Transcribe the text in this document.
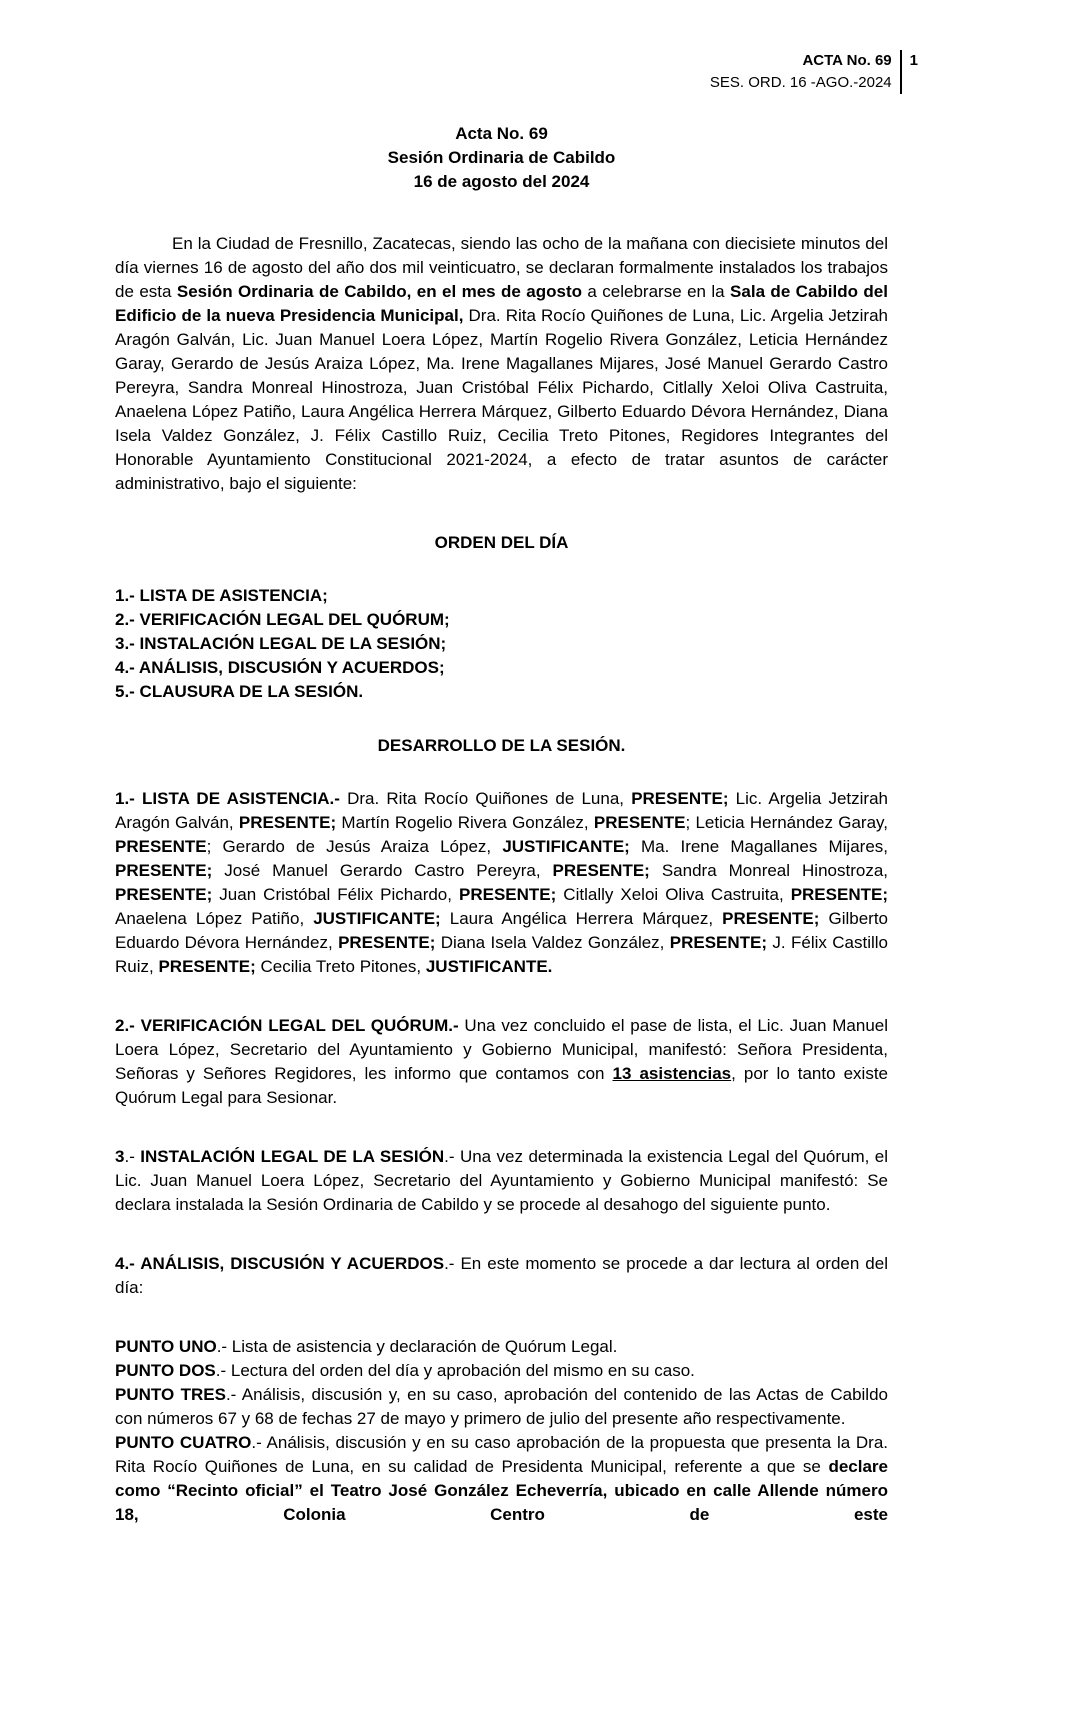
ACTA No. 69
SES. ORD. 16 -AGO.-2024
1
Acta No. 69
Sesión Ordinaria de Cabildo
16 de agosto del 2024

En la Ciudad de Fresnillo, Zacatecas, siendo las ocho de la mañana con diecisiete minutos del día viernes 16 de agosto del año dos mil veinticuatro, se declaran formalmente instalados los trabajos de esta Sesión Ordinaria de Cabildo, en el mes de agosto a celebrarse en la Sala de Cabildo del Edificio de la nueva Presidencia Municipal, Dra. Rita Rocío Quiñones de Luna, Lic. Argelia Jetzirah Aragón Galván, Lic. Juan Manuel Loera López, Martín Rogelio Rivera González, Leticia Hernández Garay, Gerardo de Jesús Araiza López, Ma. Irene Magallanes Mijares, José Manuel Gerardo Castro Pereyra, Sandra Monreal Hinostroza, Juan Cristóbal Félix Pichardo, Citlally Xeloi Oliva Castruita, Anaelena López Patiño, Laura Angélica Herrera Márquez, Gilberto Eduardo Dévora Hernández, Diana Isela Valdez González, J. Félix Castillo Ruiz, Cecilia Treto Pitones, Regidores Integrantes del Honorable Ayuntamiento Constitucional 2021-2024, a efecto de tratar asuntos de carácter administrativo, bajo el siguiente:

ORDEN DEL DÍA
1.- LISTA DE ASISTENCIA;
2.- VERIFICACIÓN LEGAL DEL QUÓRUM;
3.- INSTALACIÓN LEGAL DE LA SESIÓN;
4.- ANÁLISIS, DISCUSIÓN Y ACUERDOS;
5.- CLAUSURA DE LA SESIÓN.
DESARROLLO DE LA SESIÓN.

1.- LISTA DE ASISTENCIA.- Dra. Rita Rocío Quiñones de Luna, PRESENTE; Lic. Argelia Jetzirah Aragón Galván, PRESENTE; Martín Rogelio Rivera González, PRESENTE; Leticia Hernández Garay, PRESENTE; Gerardo de Jesús Araiza López, JUSTIFICANTE; Ma. Irene Magallanes Mijares, PRESENTE; José Manuel Gerardo Castro Pereyra, PRESENTE; Sandra Monreal Hinostroza, PRESENTE; Juan Cristóbal Félix Pichardo, PRESENTE; Citlally Xeloi Oliva Castruita, PRESENTE; Anaelena López Patiño, JUSTIFICANTE; Laura Angélica Herrera Márquez, PRESENTE; Gilberto Eduardo Dévora Hernández, PRESENTE; Diana Isela Valdez González, PRESENTE; J. Félix Castillo Ruiz, PRESENTE; Cecilia Treto Pitones, JUSTIFICANTE.

2.- VERIFICACIÓN LEGAL DEL QUÓRUM.- Una vez concluido el pase de lista, el Lic. Juan Manuel Loera López, Secretario del Ayuntamiento y Gobierno Municipal, manifestó: Señora Presidenta, Señoras y Señores Regidores, les informo que contamos con 13 asistencias, por lo tanto existe Quórum Legal para Sesionar.

3.- INSTALACIÓN LEGAL DE LA SESIÓN.- Una vez determinada la existencia Legal del Quórum, el Lic. Juan Manuel Loera López, Secretario del Ayuntamiento y Gobierno Municipal manifestó: Se declara instalada la Sesión Ordinaria de Cabildo y se procede al desahogo del siguiente punto.

4.- ANÁLISIS, DISCUSIÓN Y ACUERDOS.- En este momento se procede a dar lectura al orden del día:

PUNTO UNO.- Lista de asistencia y declaración de Quórum Legal.

PUNTO DOS.- Lectura del orden del día y aprobación del mismo en su caso.

PUNTO TRES.- Análisis, discusión y, en su caso, aprobación del contenido de las Actas de Cabildo con números 67 y 68 de fechas 27 de mayo y primero de julio del presente año respectivamente.

PUNTO CUATRO.- Análisis, discusión y en su caso aprobación de la propuesta que presenta la Dra. Rita Rocío Quiñones de Luna, en su calidad de Presidenta Municipal, referente a que se declare como “Recinto oficial” el Teatro José González Echeverría, ubicado en calle Allende número 18, Colonia Centro de este
